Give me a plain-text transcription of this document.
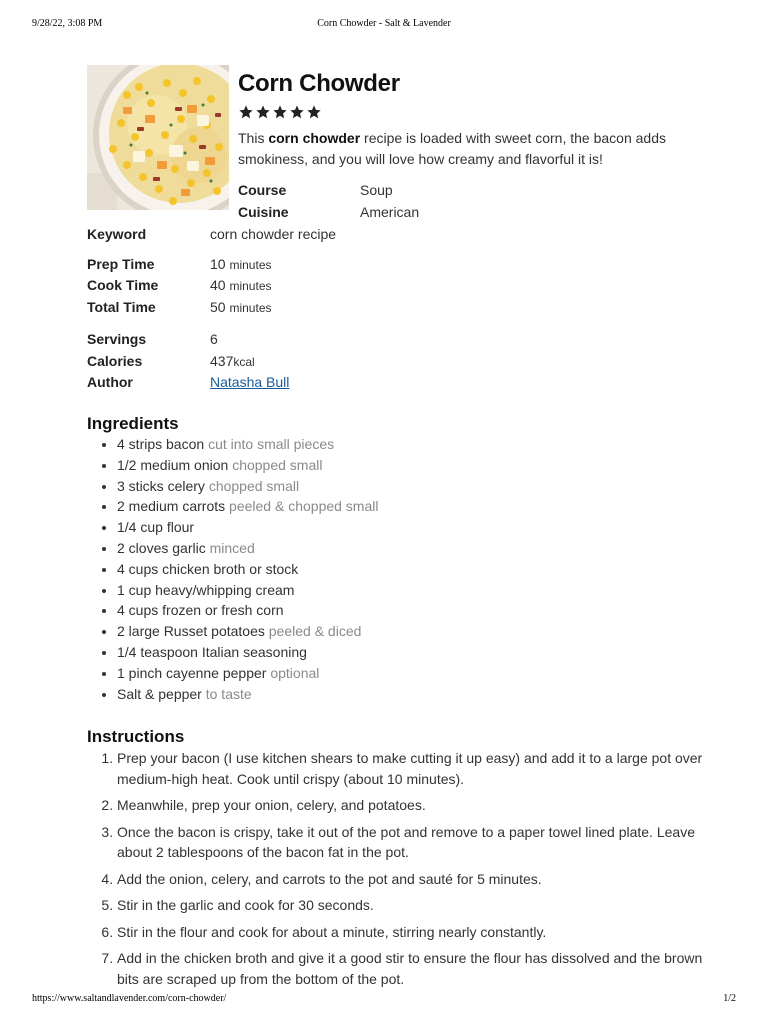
9/28/22, 3:08 PM	Corn Chowder - Salt & Lavender
Corn Chowder

This corn chowder recipe is loaded with sweet corn, the bacon adds smokiness, and you will love how creamy and flavorful it is!

Course	Soup
Cuisine	American
Keyword	corn chowder recipe
Prep Time	10 minutes
Cook Time	40 minutes
Total Time	50 minutes
Servings	6
Calories	437kcal
Author	Natasha Bull
Ingredients
• 4 strips bacon cut into small pieces
• 1/2 medium onion chopped small
• 3 sticks celery chopped small
• 2 medium carrots peeled & chopped small
• 1/4 cup flour
• 2 cloves garlic minced
• 4 cups chicken broth or stock
• 1 cup heavy/whipping cream
• 4 cups frozen or fresh corn
• 2 large Russet potatoes peeled & diced
• 1/4 teaspoon Italian seasoning
• 1 pinch cayenne pepper optional
• Salt & pepper to taste
Instructions
1. Prep your bacon (I use kitchen shears to make cutting it up easy) and add it to a large pot over medium-high heat. Cook until crispy (about 10 minutes).
2. Meanwhile, prep your onion, celery, and potatoes.
3. Once the bacon is crispy, take it out of the pot and remove to a paper towel lined plate. Leave about 2 tablespoons of the bacon fat in the pot.
4. Add the onion, celery, and carrots to the pot and sauté for 5 minutes.
5. Stir in the garlic and cook for 30 seconds.
6. Stir in the flour and cook for about a minute, stirring nearly constantly.
7. Add in the chicken broth and give it a good stir to ensure the flour has dissolved and the brown bits are scraped up from the bottom of the pot.
https://www.saltandlavender.com/corn-chowder/	1/2
